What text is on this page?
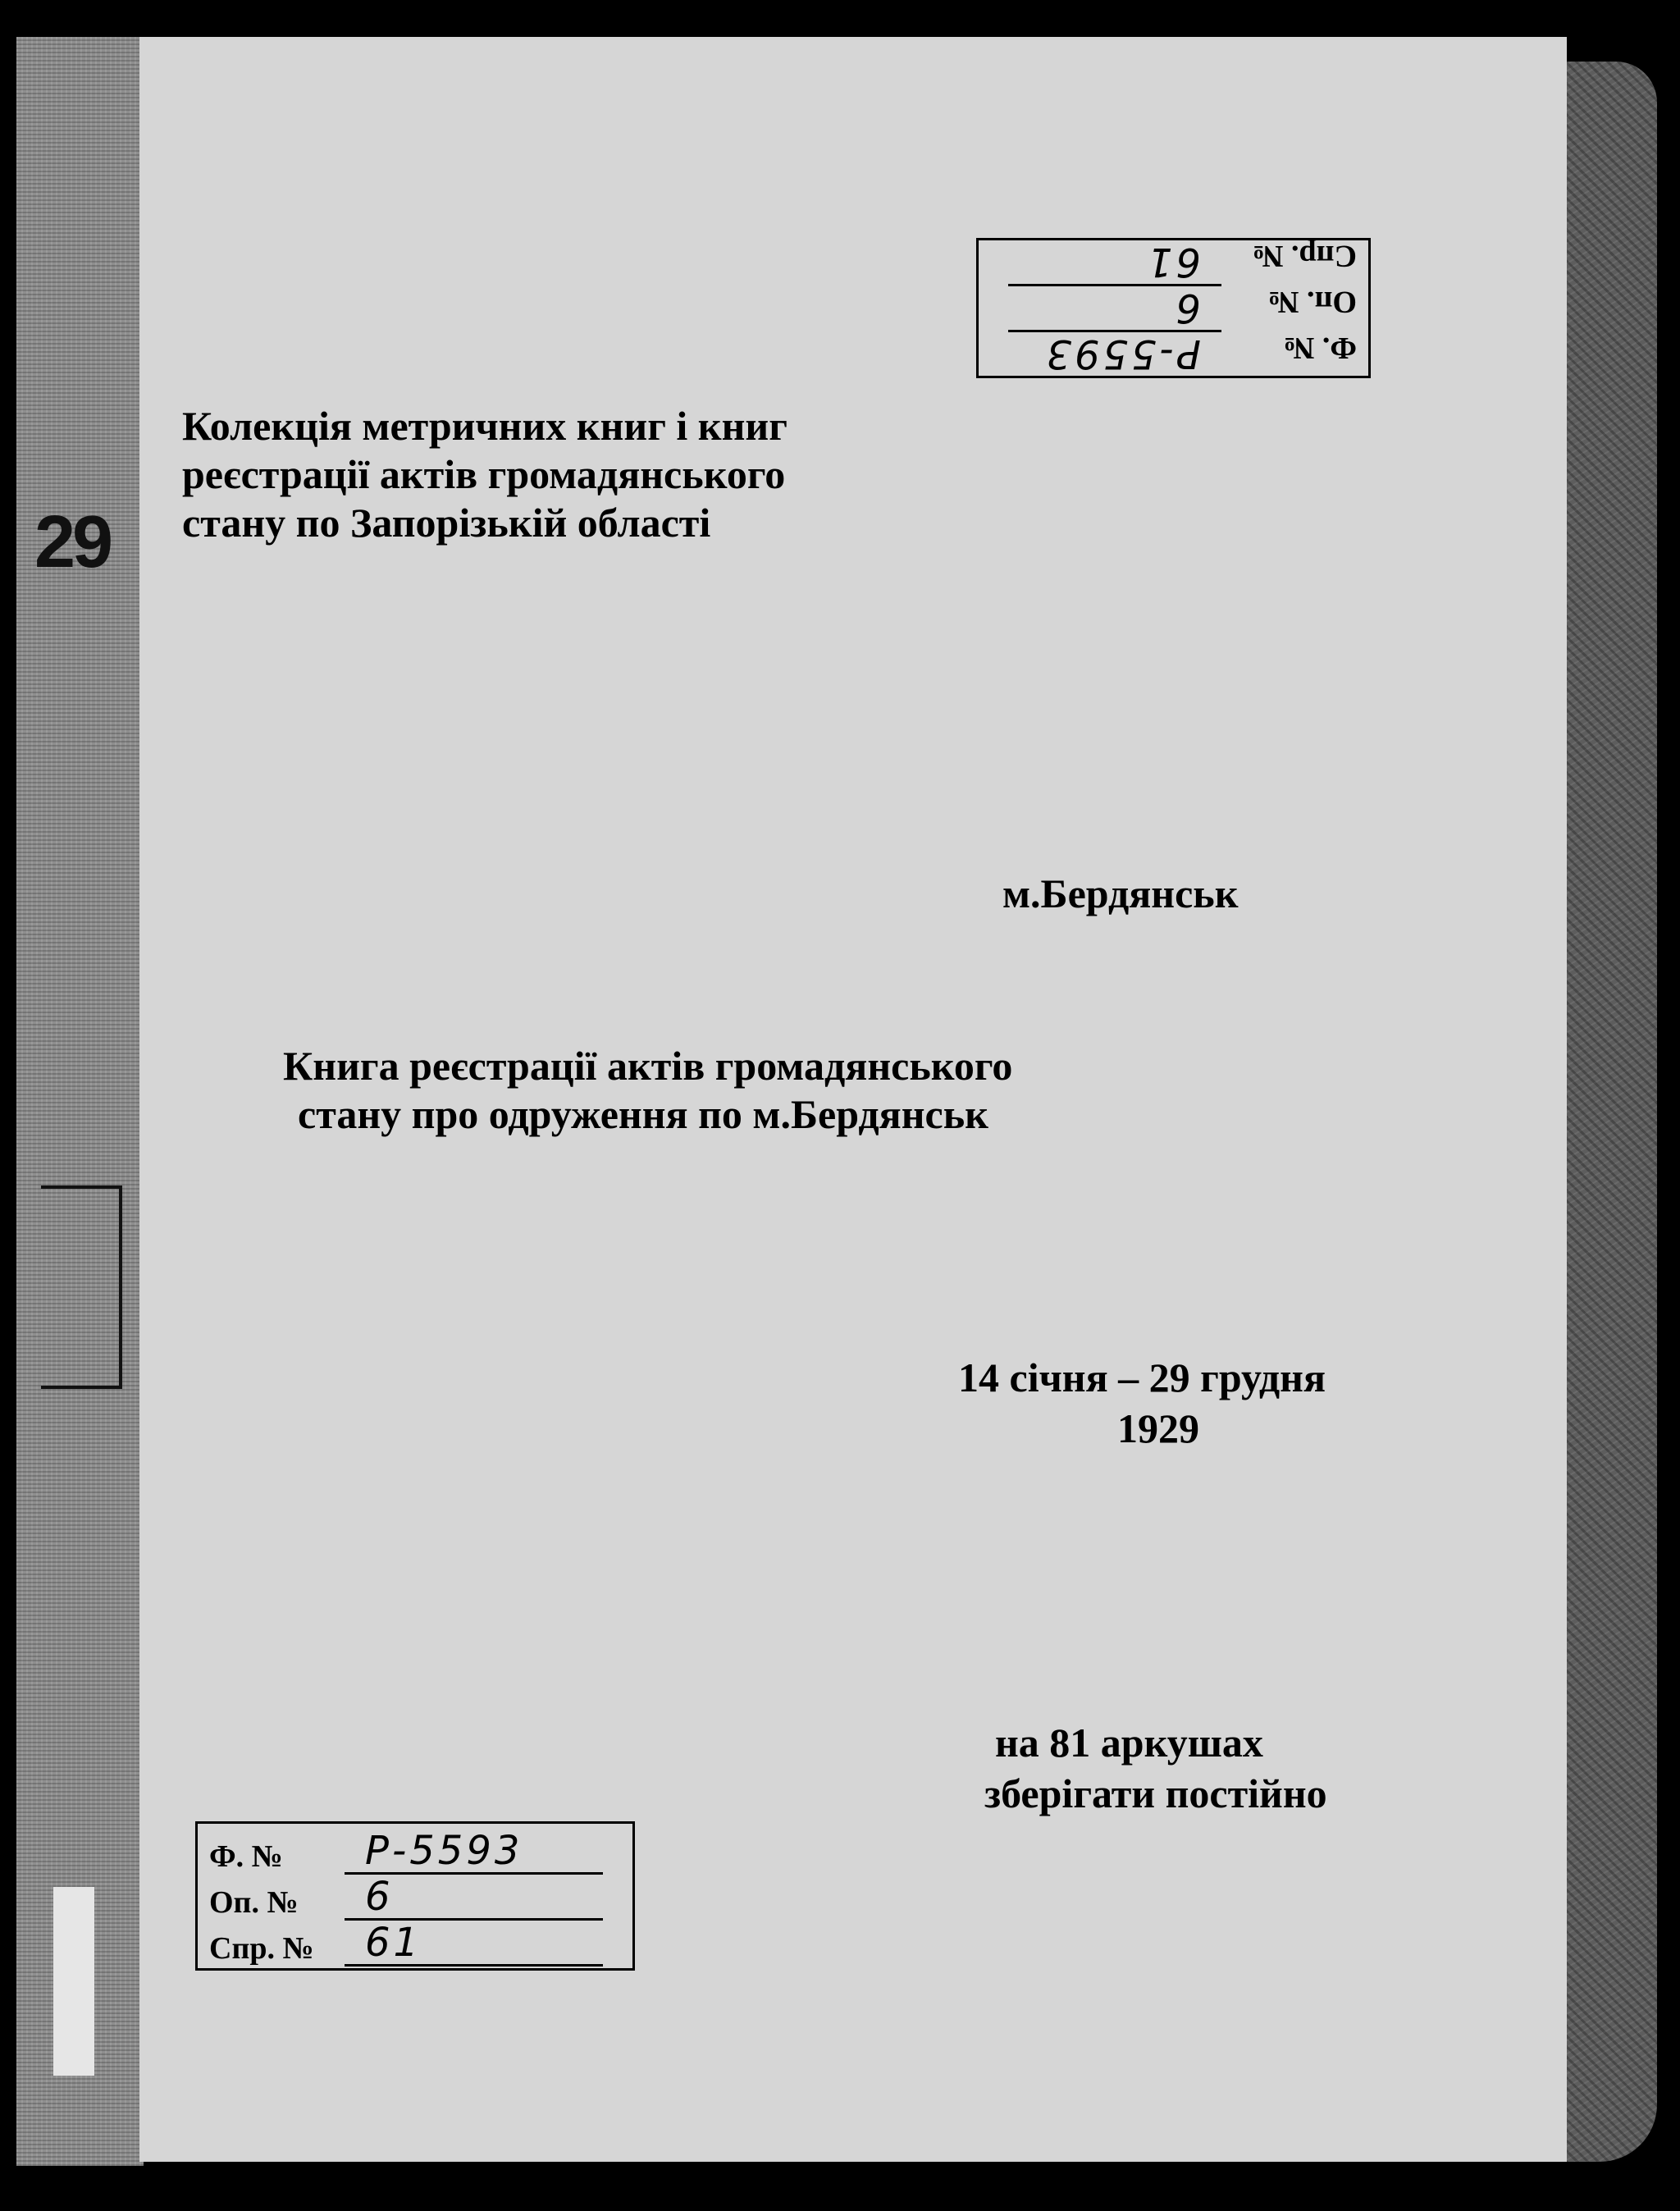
29
Ф. №
Р-5593
Оп. №
6
Спр. №
61
Колекція метричних книг і книг
реєстрації актів громадянського
стану по Запорізькій області
м.Бердянськ
Книга реєстрації актів громадянського
стану про одруження по м.Бердянськ
14 січня – 29 грудня
1929
на 81 аркушах
зберігати постійно
Ф. №	Р-5593
Оп. №	6
Спр. №	61
